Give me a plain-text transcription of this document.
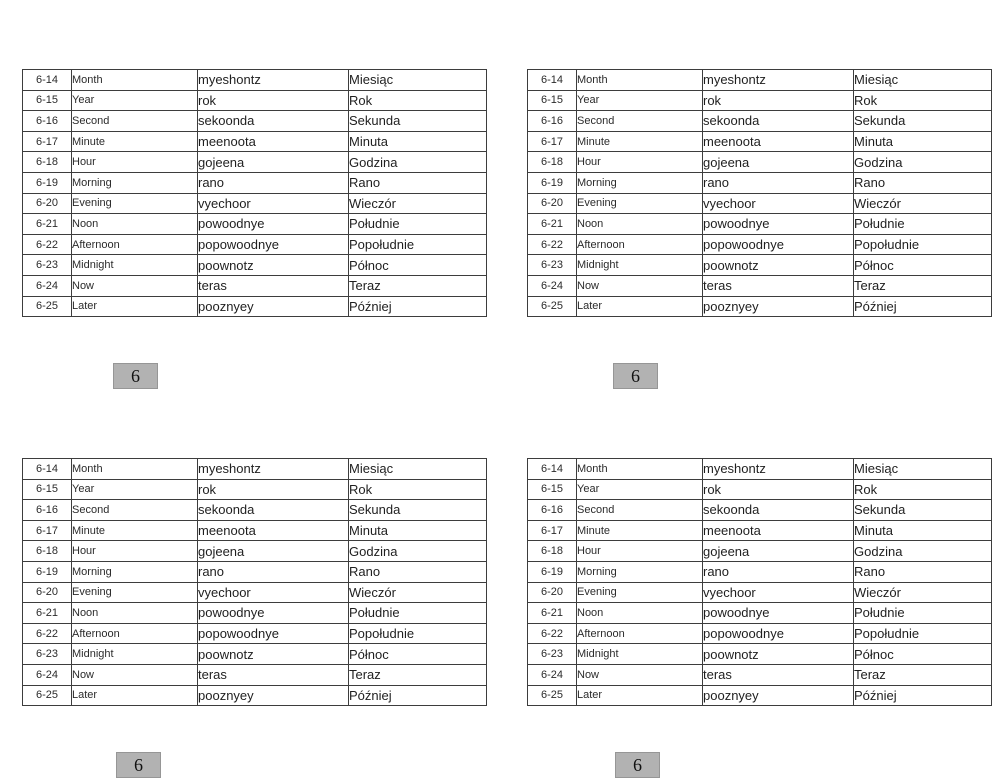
6-14	Month	myeshontz	Miesiąc
6-15	Year	rok	Rok
6-16	Second	sekoonda	Sekunda
6-17	Minute	meenoota	Minuta
6-18	Hour	gojeena	Godzina
6-19	Morning	rano	Rano
6-20	Evening	vyechoor	Wieczór
6-21	Noon	powoodnye	Południe
6-22	Afternoon	popowoodnye	Popołudnie
6-23	Midnight	poownotz	Północ
6-24	Now	teras	Teraz
6-25	Later	pooznyey	Później
6-14	Month	myeshontz	Miesiąc
6-15	Year	rok	Rok
6-16	Second	sekoonda	Sekunda
6-17	Minute	meenoota	Minuta
6-18	Hour	gojeena	Godzina
6-19	Morning	rano	Rano
6-20	Evening	vyechoor	Wieczór
6-21	Noon	powoodnye	Południe
6-22	Afternoon	popowoodnye	Popołudnie
6-23	Midnight	poownotz	Północ
6-24	Now	teras	Teraz
6-25	Later	pooznyey	Później
6-14	Month	myeshontz	Miesiąc
6-15	Year	rok	Rok
6-16	Second	sekoonda	Sekunda
6-17	Minute	meenoota	Minuta
6-18	Hour	gojeena	Godzina
6-19	Morning	rano	Rano
6-20	Evening	vyechoor	Wieczór
6-21	Noon	powoodnye	Południe
6-22	Afternoon	popowoodnye	Popołudnie
6-23	Midnight	poownotz	Północ
6-24	Now	teras	Teraz
6-25	Later	pooznyey	Później
6-14	Month	myeshontz	Miesiąc
6-15	Year	rok	Rok
6-16	Second	sekoonda	Sekunda
6-17	Minute	meenoota	Minuta
6-18	Hour	gojeena	Godzina
6-19	Morning	rano	Rano
6-20	Evening	vyechoor	Wieczór
6-21	Noon	powoodnye	Południe
6-22	Afternoon	popowoodnye	Popołudnie
6-23	Midnight	poownotz	Północ
6-24	Now	teras	Teraz
6-25	Later	pooznyey	Później
6	6
6	6
